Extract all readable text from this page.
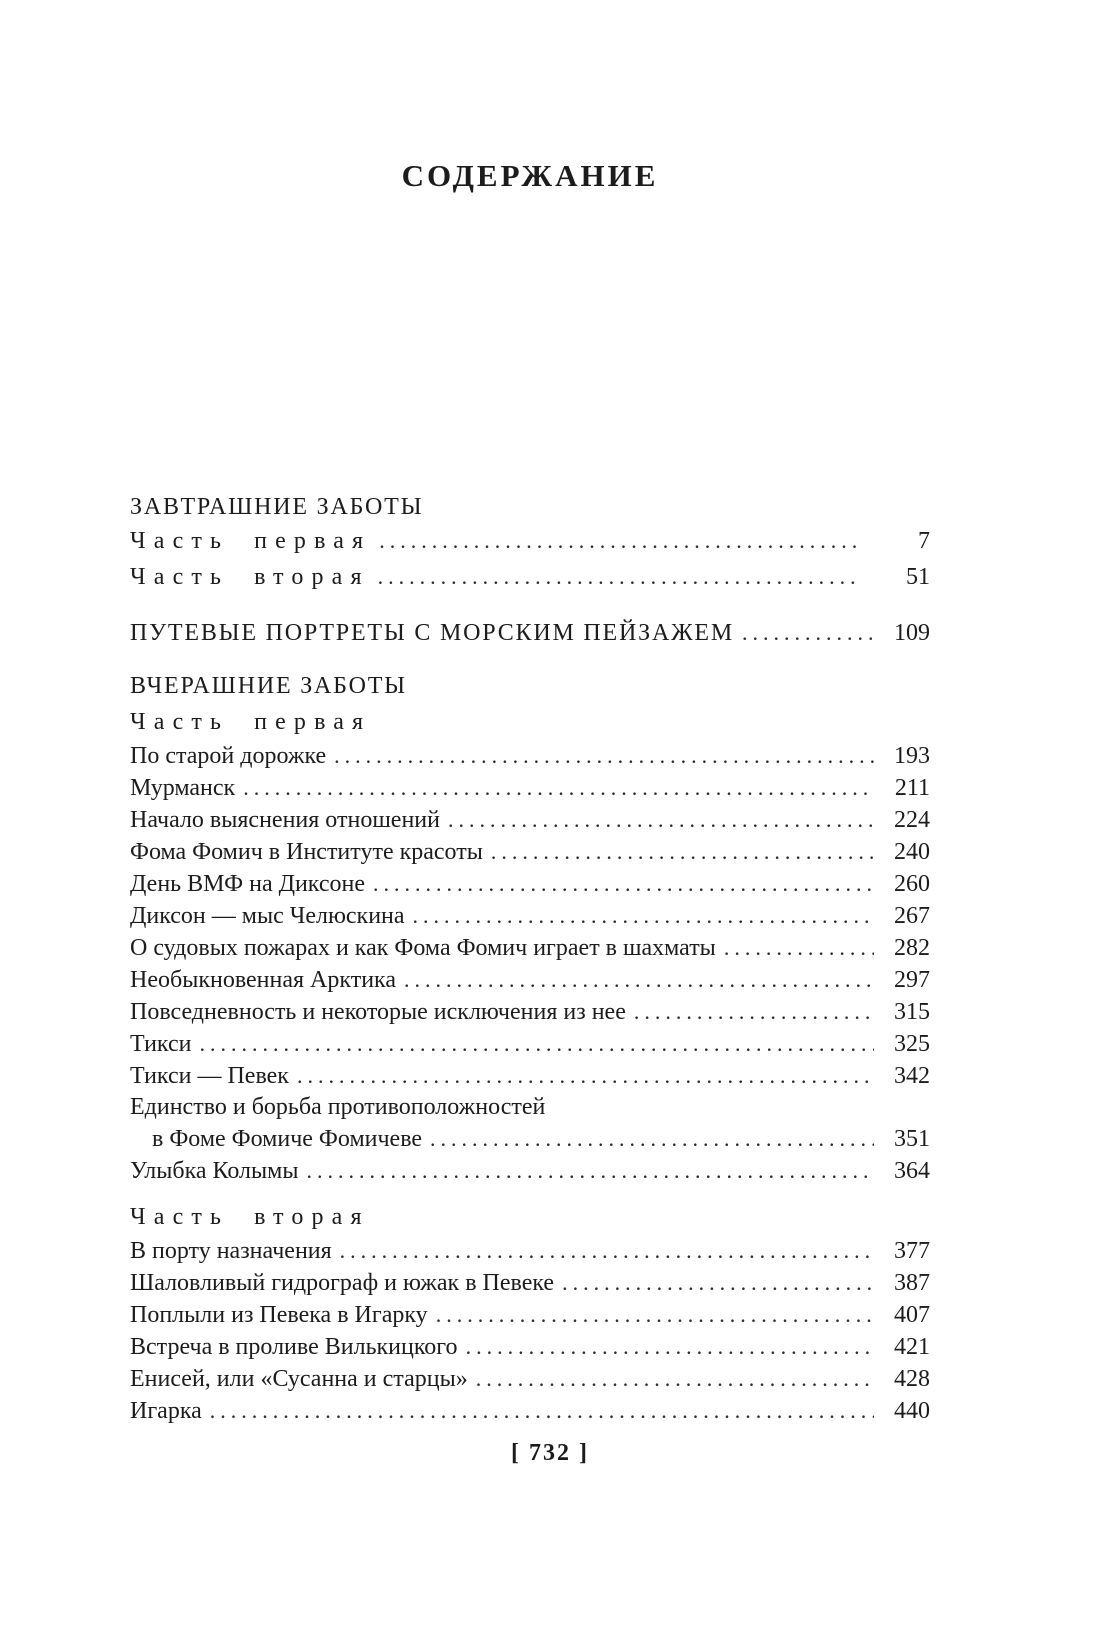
СОДЕРЖАНИЕ
ЗАВТРАШНИЕ ЗАБОТЫ
Часть первая .....	7
Часть вторая .....	51
ПУТЕВЫЕ ПОРТРЕТЫ С МОРСКИМ ПЕЙЗАЖЕМ .....	109
ВЧЕРАШНИЕ ЗАБОТЫ
Часть первая
По старой дорожке .....	193
Мурманск .....	211
Начало выяснения отношений .....	224
Фома Фомич в Институте красоты .....	240
День ВМФ на Диксоне .....	260
Диксон — мыс Челюскина .....	267
О судовых пожарах и как Фома Фомич играет в шахматы .....	282
Необыкновенная Арктика .....	297
Повседневность и некоторые исключения из нее .....	315
Тикси .....	325
Тикси — Певек .....	342
Единство и борьба противоположностей
в Фоме Фомиче Фомичеве .....	351
Улыбка Колымы .....	364
Часть вторая
В порту назначения .....	377
Шаловливый гидрограф и южак в Певеке .....	387
Поплыли из Певека в Игарку .....	407
Встреча в проливе Вилькицкого .....	421
Енисей, или «Сусанна и старцы» .....	428
Игарка .....	440
[ 732 ]
